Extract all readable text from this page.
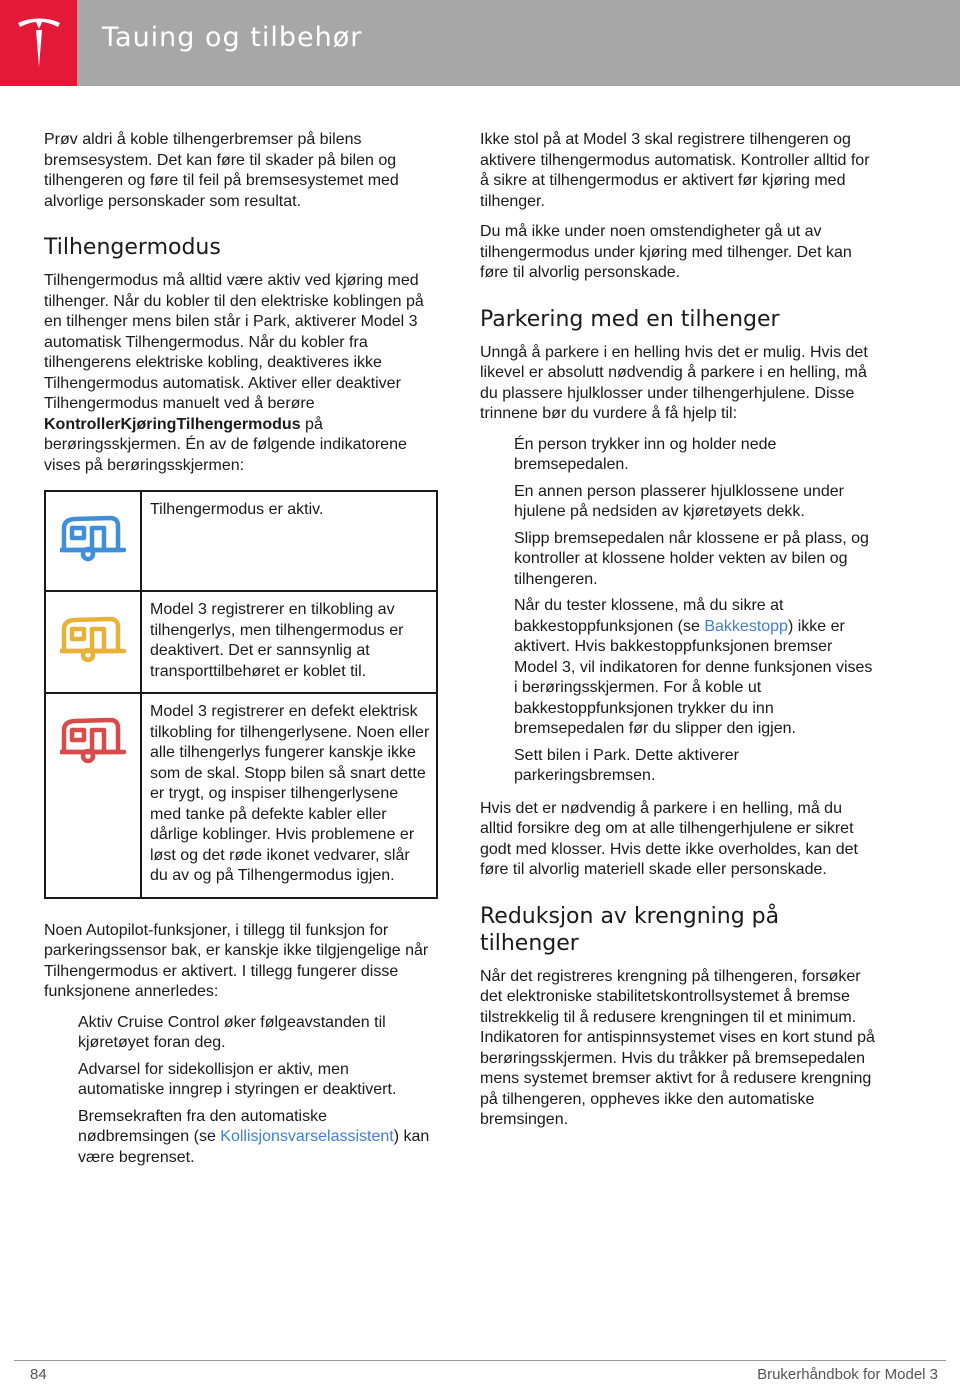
Tauing og tilbehør

Prøv aldri å koble tilhengerbremser på bilens bremsesystem. Det kan føre til skader på bilen og tilhengeren og føre til feil på bremsesystemet med alvorlige personskader som resultat.

Tilhengermodus

Tilhengermodus må alltid være aktiv ved kjøring med tilhenger. Når du kobler til den elektriske koblingen på en tilhenger mens bilen står i Park, aktiverer Model 3 automatisk Tilhengermodus. Når du kobler fra tilhengerens elektriske kobling, deaktiveres ikke Tilhengermodus automatisk. Aktiver eller deaktiver Tilhengermodus manuelt ved å berøre KontrollerKjøringTilhengermodus på berøringsskjermen. Én av de følgende indikatorene vises på berøringsskjermen:

	Tilhengermodus er aktiv.
	Model 3 registrerer en tilkobling av tilhengerlys, men tilhengermodus er deaktivert. Det er sannsynlig at transporttilbehøret er koblet til.
	Model 3 registrerer en defekt elektrisk tilkobling for tilhengerlysene. Noen eller alle tilhengerlys fungerer kanskje ikke som de skal. Stopp bilen så snart dette er trygt, og inspiser tilhengerlysene med tanke på defekte kabler eller dårlige koblinger. Hvis problemene er løst og det røde ikonet vedvarer, slår du av og på Tilhengermodus igjen.

Noen Autopilot-funksjoner, i tillegg til funksjon for parkeringssensor bak, er kanskje ikke tilgjengelige når Tilhengermodus er aktivert. I tillegg fungerer disse funksjonene annerledes:

Aktiv Cruise Control øker følgeavstanden til kjøretøyet foran deg.
Advarsel for sidekollisjon er aktiv, men automatiske inngrep i styringen er deaktivert.
Bremsekraften fra den automatiske nødbremsingen (se Kollisjonsvarselassistent) kan være begrenset.

Ikke stol på at Model 3 skal registrere tilhengeren og aktivere tilhengermodus automatisk. Kontroller alltid for å sikre at tilhengermodus er aktivert før kjøring med tilhenger.

Du må ikke under noen omstendigheter gå ut av tilhengermodus under kjøring med tilhenger. Det kan føre til alvorlig personskade.

Parkering med en tilhenger

Unngå å parkere i en helling hvis det er mulig. Hvis det likevel er absolutt nødvendig å parkere i en helling, må du plassere hjulklosser under tilhengerhjulene. Disse trinnene bør du vurdere å få hjelp til:

Én person trykker inn og holder nede bremsepedalen.
En annen person plasserer hjulklossene under hjulene på nedsiden av kjøretøyets dekk.
Slipp bremsepedalen når klossene er på plass, og kontroller at klossene holder vekten av bilen og tilhengeren.
Når du tester klossene, må du sikre at bakkestoppfunksjonen (se Bakkestopp) ikke er aktivert. Hvis bakkestoppfunksjonen bremser Model 3, vil indikatoren for denne funksjonen vises i berøringsskjermen. For å koble ut bakkestoppfunksjonen trykker du inn bremsepedalen før du slipper den igjen.
Sett bilen i Park. Dette aktiverer parkeringsbremsen.

Hvis det er nødvendig å parkere i en helling, må du alltid forsikre deg om at alle tilhengerhjulene er sikret godt med klosser. Hvis dette ikke overholdes, kan det føre til alvorlig materiell skade eller personskade.

Reduksjon av krengning på tilhenger

Når det registreres krengning på tilhengeren, forsøker det elektroniske stabilitetskontrollsystemet å bremse tilstrekkelig til å redusere krengningen til et minimum. Indikatoren for antispinnsystemet vises en kort stund på berøringsskjermen. Hvis du tråkker på bremsepedalen mens systemet bremser aktivt for å redusere krengning på tilhengeren, oppheves ikke den automatiske bremsingen.

84	Brukerhåndbok for Model 3
